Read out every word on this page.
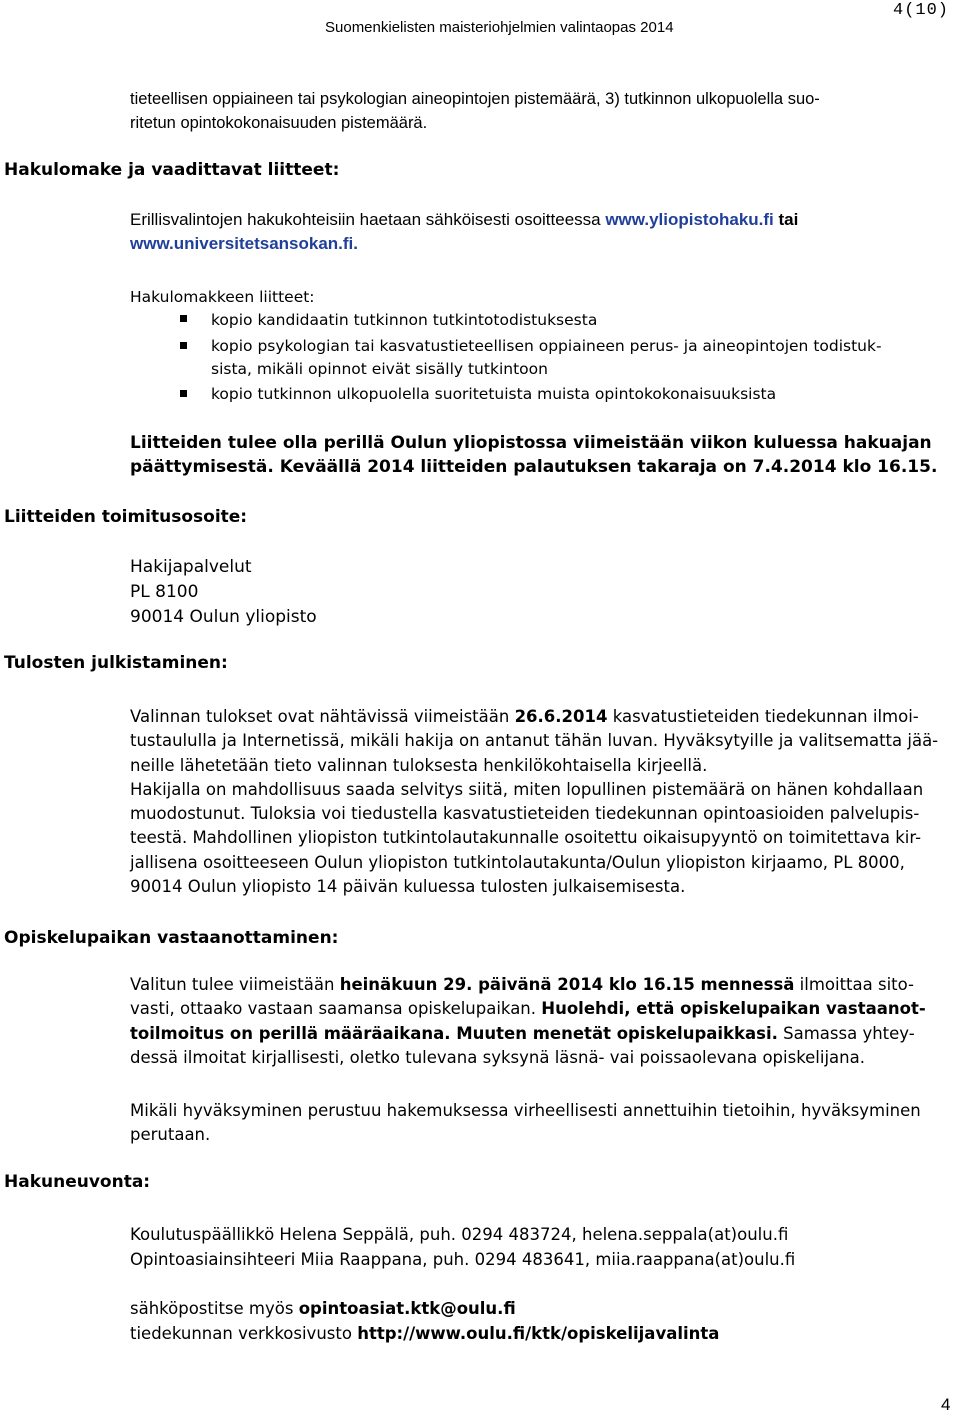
Suomenkielisten maisteriohjelmien valintaopas 2014
4(10)
tieteellisen oppiaineen tai psykologian aineopintojen pistemäärä, 3) tutkinnon ulkopuolella suo-
ritetun opintokokonaisuuden pistemäärä.
Hakulomake ja vaadittavat liitteet:
Erillisvalintojen hakukohteisiin haetaan sähköisesti osoitteessa www.yliopistohaku.fi tai
www.universitetsansokan.fi.
Hakulomakkeen liitteet:
kopio kandidaatin tutkinnon tutkintotodistuksesta
kopio psykologian tai kasvatustieteellisen oppiaineen perus- ja aineopintojen todistuk-
sista, mikäli opinnot eivät sisälly tutkintoon
kopio tutkinnon ulkopuolella suoritetuista muista opintokokonaisuuksista
Liitteiden tulee olla perillä Oulun yliopistossa viimeistään viikon kuluessa hakuajan
päättymisestä. Keväällä 2014 liitteiden palautuksen takaraja on 7.4.2014 klo 16.15.
Liitteiden toimitusosoite:
Hakijapalvelut
PL 8100
90014 Oulun yliopisto
Tulosten julkistaminen:
Valinnan tulokset ovat nähtävissä viimeistään 26.6.2014 kasvatustieteiden tiedekunnan ilmoi-
tustaululla ja Internetissä, mikäli hakija on antanut tähän luvan. Hyväksytyille ja valitsematta jää-
neille lähetetään tieto valinnan tuloksesta henkilökohtaisella kirjeellä.
Hakijalla on mahdollisuus saada selvitys siitä, miten lopullinen pistemäärä on hänen kohdallaan
muodostunut. Tuloksia voi tiedustella kasvatustieteiden tiedekunnan opintoasioiden palvelupis-
teestä. Mahdollinen yliopiston tutkintolautakunnalle osoitettu oikaisupyyntö on toimitettava kir-
jallisena osoitteeseen Oulun yliopiston tutkintolautakunta/Oulun yliopiston kirjaamo, PL 8000,
90014 Oulun yliopisto 14 päivän kuluessa tulosten julkaisemisesta.
Opiskelupaikan vastaanottaminen:
Valitun tulee viimeistään heinäkuun 29. päivänä 2014 klo 16.15 mennessä ilmoittaa sito-
vasti, ottaako vastaan saamansa opiskelupaikan. Huolehdi, että opiskelupaikan vastaanot-
toilmoitus on perillä määräaikana. Muuten menetät opiskelupaikkasi. Samassa yhtey-
dessä ilmoitat kirjallisesti, oletko tulevana syksynä läsnä- vai poissaolevana opiskelijana.
Mikäli hyväksyminen perustuu hakemuksessa virheellisesti annettuihin tietoihin, hyväksyminen
perutaan.
Hakuneuvonta:
Koulutuspäällikkö Helena Seppälä, puh. 0294 483724, helena.seppala(at)oulu.fi
Opintoasiainsihteeri Miia Raappana, puh. 0294 483641, miia.raappana(at)oulu.fi
sähköpostitse myös opintoasiat.ktk@oulu.fi
tiedekunnan verkkosivusto http://www.oulu.fi/ktk/opiskelijavalinta
4
